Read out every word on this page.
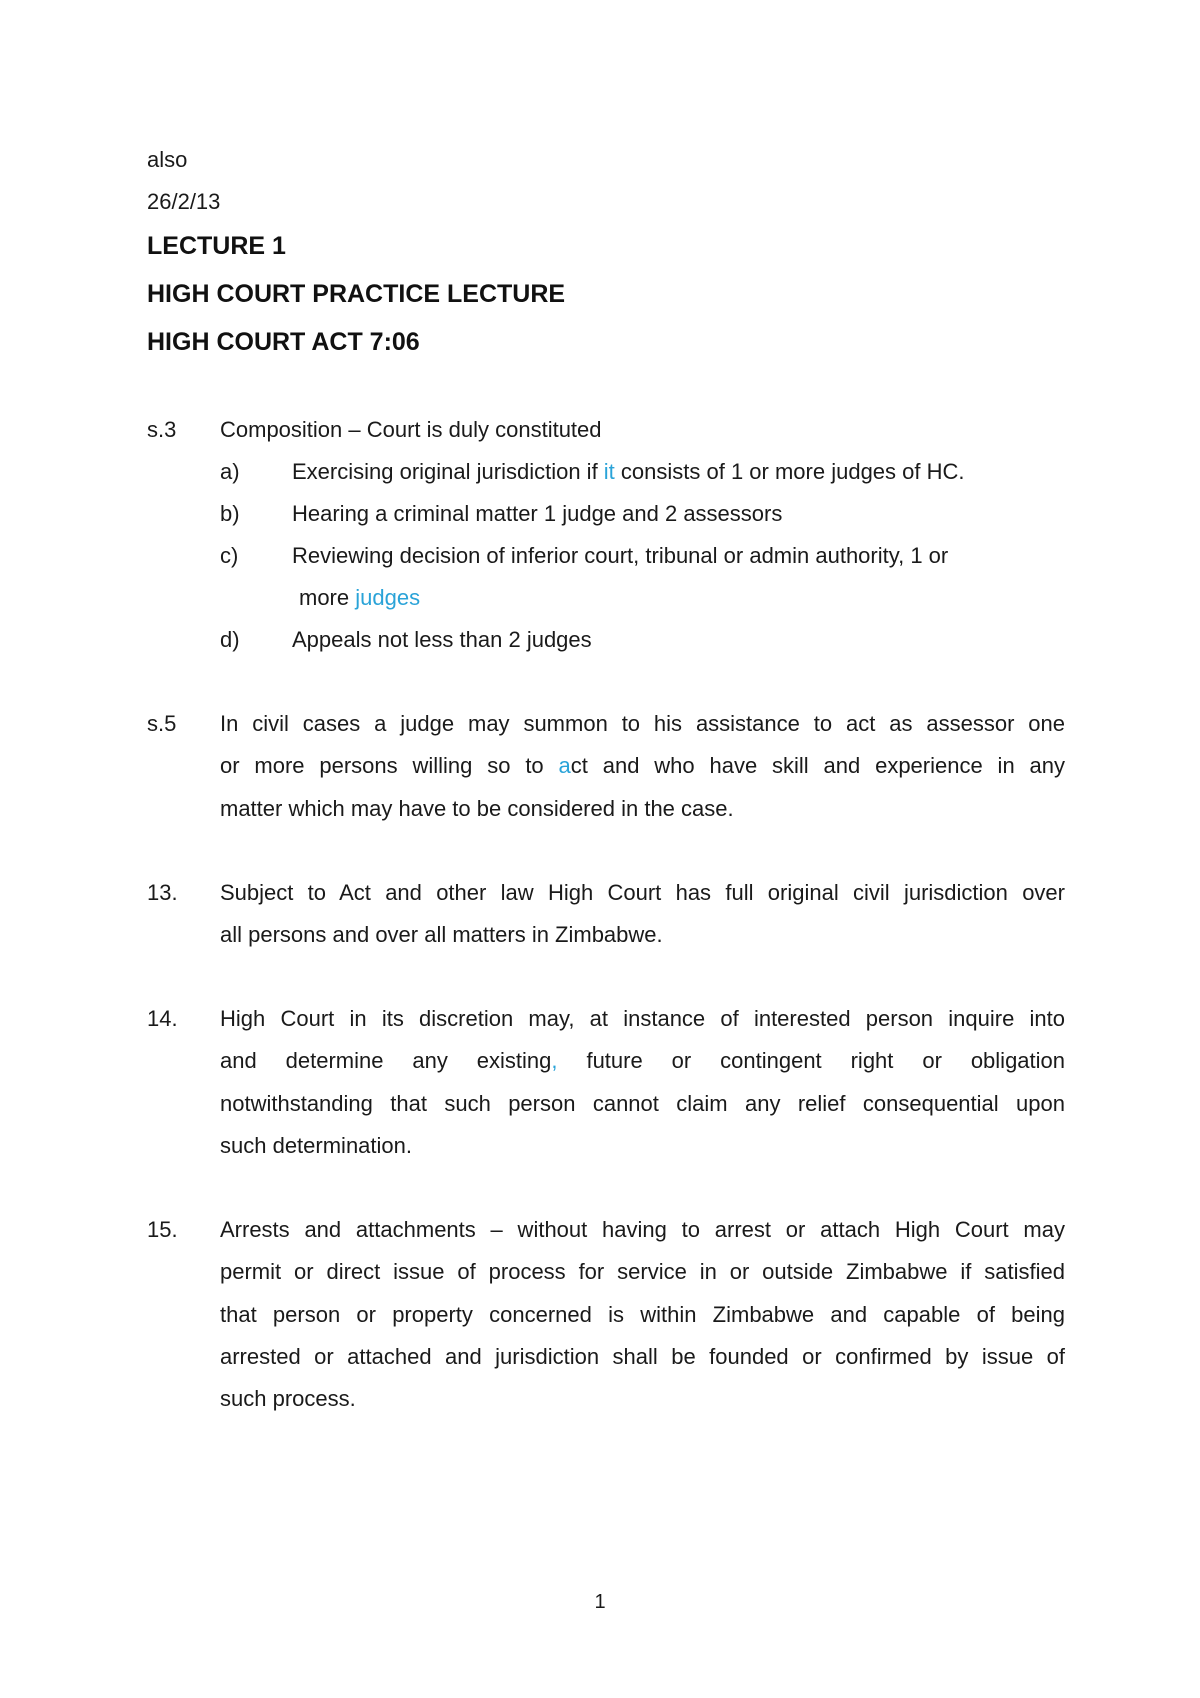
also
26/2/13
LECTURE 1
HIGH COURT PRACTICE LECTURE
HIGH COURT ACT 7:06
s.3 Composition – Court is duly constituted
a) Exercising original jurisdiction if it consists of 1 or more judges of HC.
b) Hearing a criminal matter 1 judge and 2 assessors
c) Reviewing decision of inferior court, tribunal or admin authority, 1 or
more judges
d) Appeals not less than 2 judges
s.5 In civil cases a judge may summon to his assistance to act as assessor one
or more persons willing so to act and who have skill and experience in any
matter which may have to be considered in the case.
13. Subject to Act and other law High Court has full original civil jurisdiction over
all persons and over all matters in Zimbabwe.
14. High Court in its discretion may, at instance of interested person inquire into
and determine any existing, future or contingent right or obligation
notwithstanding that such person cannot claim any relief consequential upon
such determination.
15. Arrests and attachments – without having to arrest or attach High Court may
permit or direct issue of process for service in or outside Zimbabwe if satisfied
that person or property concerned is within Zimbabwe and capable of being
arrested or attached and jurisdiction shall be founded or confirmed by issue of
such process.
1
